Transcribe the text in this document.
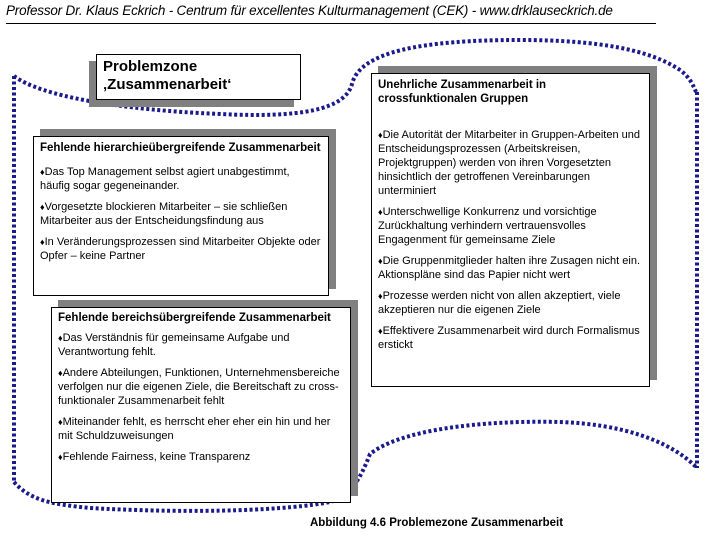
Professor Dr. Klaus Eckrich - Centrum für excellentes Kulturmanagement (CEK) - www.drklauseckrich.de
Problemzone
‚Zusammenarbeit‘
Fehlende hierarchieübergreifende Zusammenarbeit
♦Das Top Management selbst agiert unabgestimmt, häufig sogar gegeneinander.
♦Vorgesetzte blockieren Mitarbeiter – sie schließen Mitarbeiter aus der Entscheidungsfindung aus
♦In Veränderungsprozessen sind Mitarbeiter Objekte oder Opfer – keine Partner
Fehlende bereichsübergreifende Zusammenarbeit
♦Das Verständnis für gemeinsame Aufgabe und Verantwortung fehlt.
♦Andere Abteilungen, Funktionen, Unternehmensbereiche verfolgen nur die eigenen Ziele, die Bereitschaft zu cross-funktionaler Zusammenarbeit fehlt
♦Miteinander fehlt, es herrscht eher eher ein hin und her mit Schuldzuweisungen
♦Fehlende Fairness, keine Transparenz
Unehrliche Zusammenarbeit in crossfunktionalen Gruppen
♦Die Autorität der Mitarbeiter in Gruppen-Arbeiten und Entscheidungsprozessen (Arbeitskreisen, Projektgruppen) werden von ihren Vorgesetzten hinsichtlich der getroffenen Vereinbarungen unterminiert
♦Unterschwellige Konkurrenz und vorsichtige Zurückhaltung verhindern vertrauensvolles Engagenment für gemeinsame Ziele
♦Die Gruppenmitglieder halten ihre Zusagen nicht ein. Aktionspläne sind das Papier nicht wert
♦Prozesse werden nicht von allen akzeptiert, viele akzeptieren nur die eigenen Ziele
♦Effektivere Zusammenarbeit wird durch Formalismus erstickt
Abbildung 4.6 Problemezone Zusammenarbeit
